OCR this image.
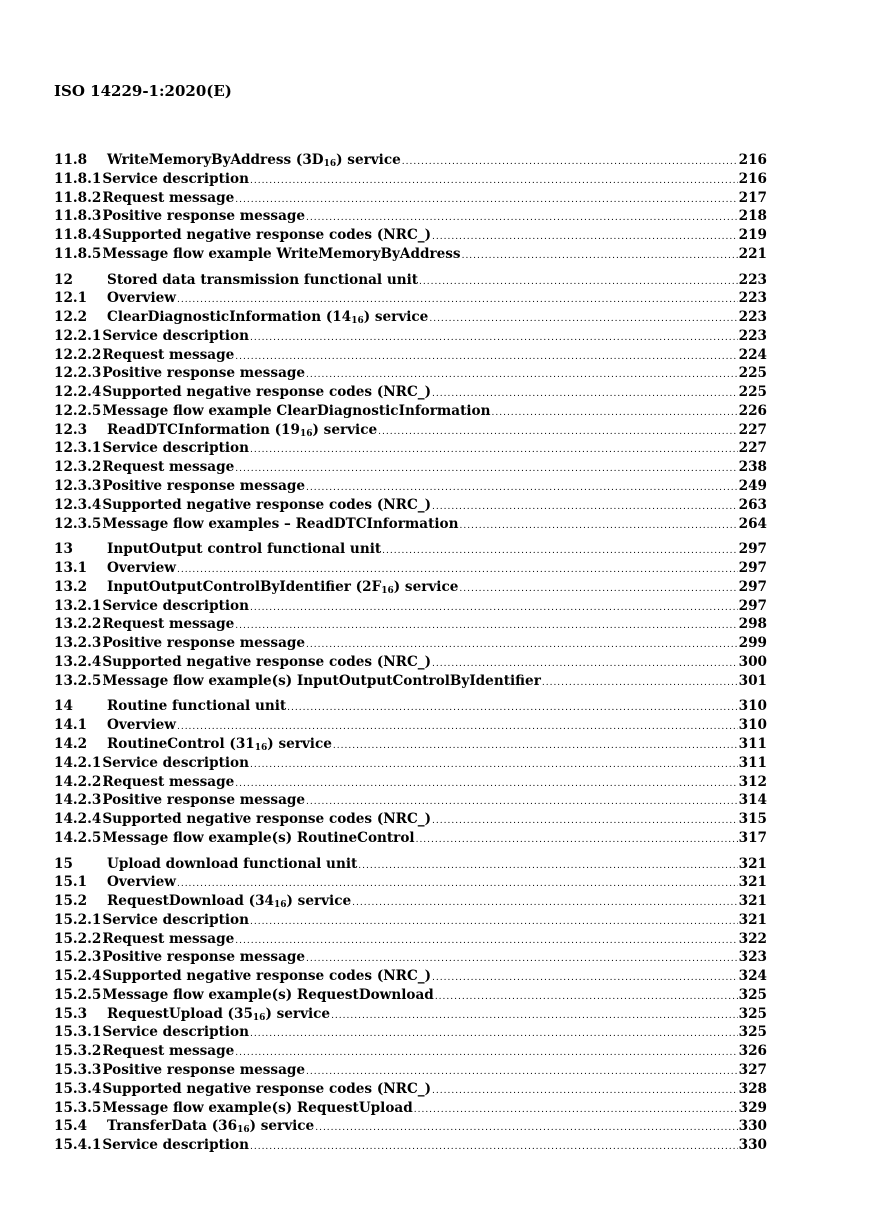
ISO 14229-1:2020(E)
11.8	WriteMemoryByAddress $(3D_{16})$ service .....	216
11.8.1 Service description .....	216
11.8.2 Request message .....	217
11.8.3 Positive response message .....	218
11.8.4 Supported negative response codes (NRC_) .....	219
11.8.5 Message flow example WriteMemoryByAddress .....	221
12	Stored data transmission functional unit .....	223
12.1	Overview .....	223
12.2	ClearDiagnosticInformation $(14_{16})$ service .....	223
12.2.1 Service description .....	223
12.2.2 Request message .....	224
12.2.3 Positive response message .....	225
12.2.4 Supported negative response codes (NRC_) .....	225
12.2.5 Message flow example ClearDiagnosticInformation .....	226
12.3	ReadDTCInformation $(19_{16})$ service .....	227
12.3.1 Service description .....	227
12.3.2 Request message .....	238
12.3.3 Positive response message .....	249
12.3.4 Supported negative response codes (NRC_) .....	263
12.3.5 Message flow examples – ReadDTCInformation .....	264
13	InputOutput control functional unit .....	297
13.1	Overview .....	297
13.2	InputOutputControlByIdentifier $(2F_{16})$ service .....	297
13.2.1 Service description .....	297
13.2.2 Request message .....	298
13.2.3 Positive response message .....	299
13.2.4 Supported negative response codes (NRC_) .....	300
13.2.5 Message flow example(s) InputOutputControlByIdentifier .....	301
14	Routine functional unit .....	310
14.1	Overview .....	310
14.2	RoutineControl $(31_{16})$ service .....	311
14.2.1 Service description .....	311
14.2.2 Request message .....	312
14.2.3 Positive response message .....	314
14.2.4 Supported negative response codes (NRC_) .....	315
14.2.5 Message flow example(s) RoutineControl .....	317
15	Upload download functional unit .....	321
15.1	Overview .....	321
15.2	RequestDownload $(34_{16})$ service .....	321
15.2.1 Service description .....	321
15.2.2 Request message .....	322
15.2.3 Positive response message .....	323
15.2.4 Supported negative response codes (NRC_) .....	324
15.2.5 Message flow example(s) RequestDownload .....	325
15.3	RequestUpload $(35_{16})$ service .....	325
15.3.1 Service description .....	325
15.3.2 Request message .....	326
15.3.3 Positive response message .....	327
15.3.4 Supported negative response codes (NRC_) .....	328
15.3.5 Message flow example(s) RequestUpload .....	329
15.4	TransferData $(36_{16})$ service .....	330
15.4.1 Service description .....	330
